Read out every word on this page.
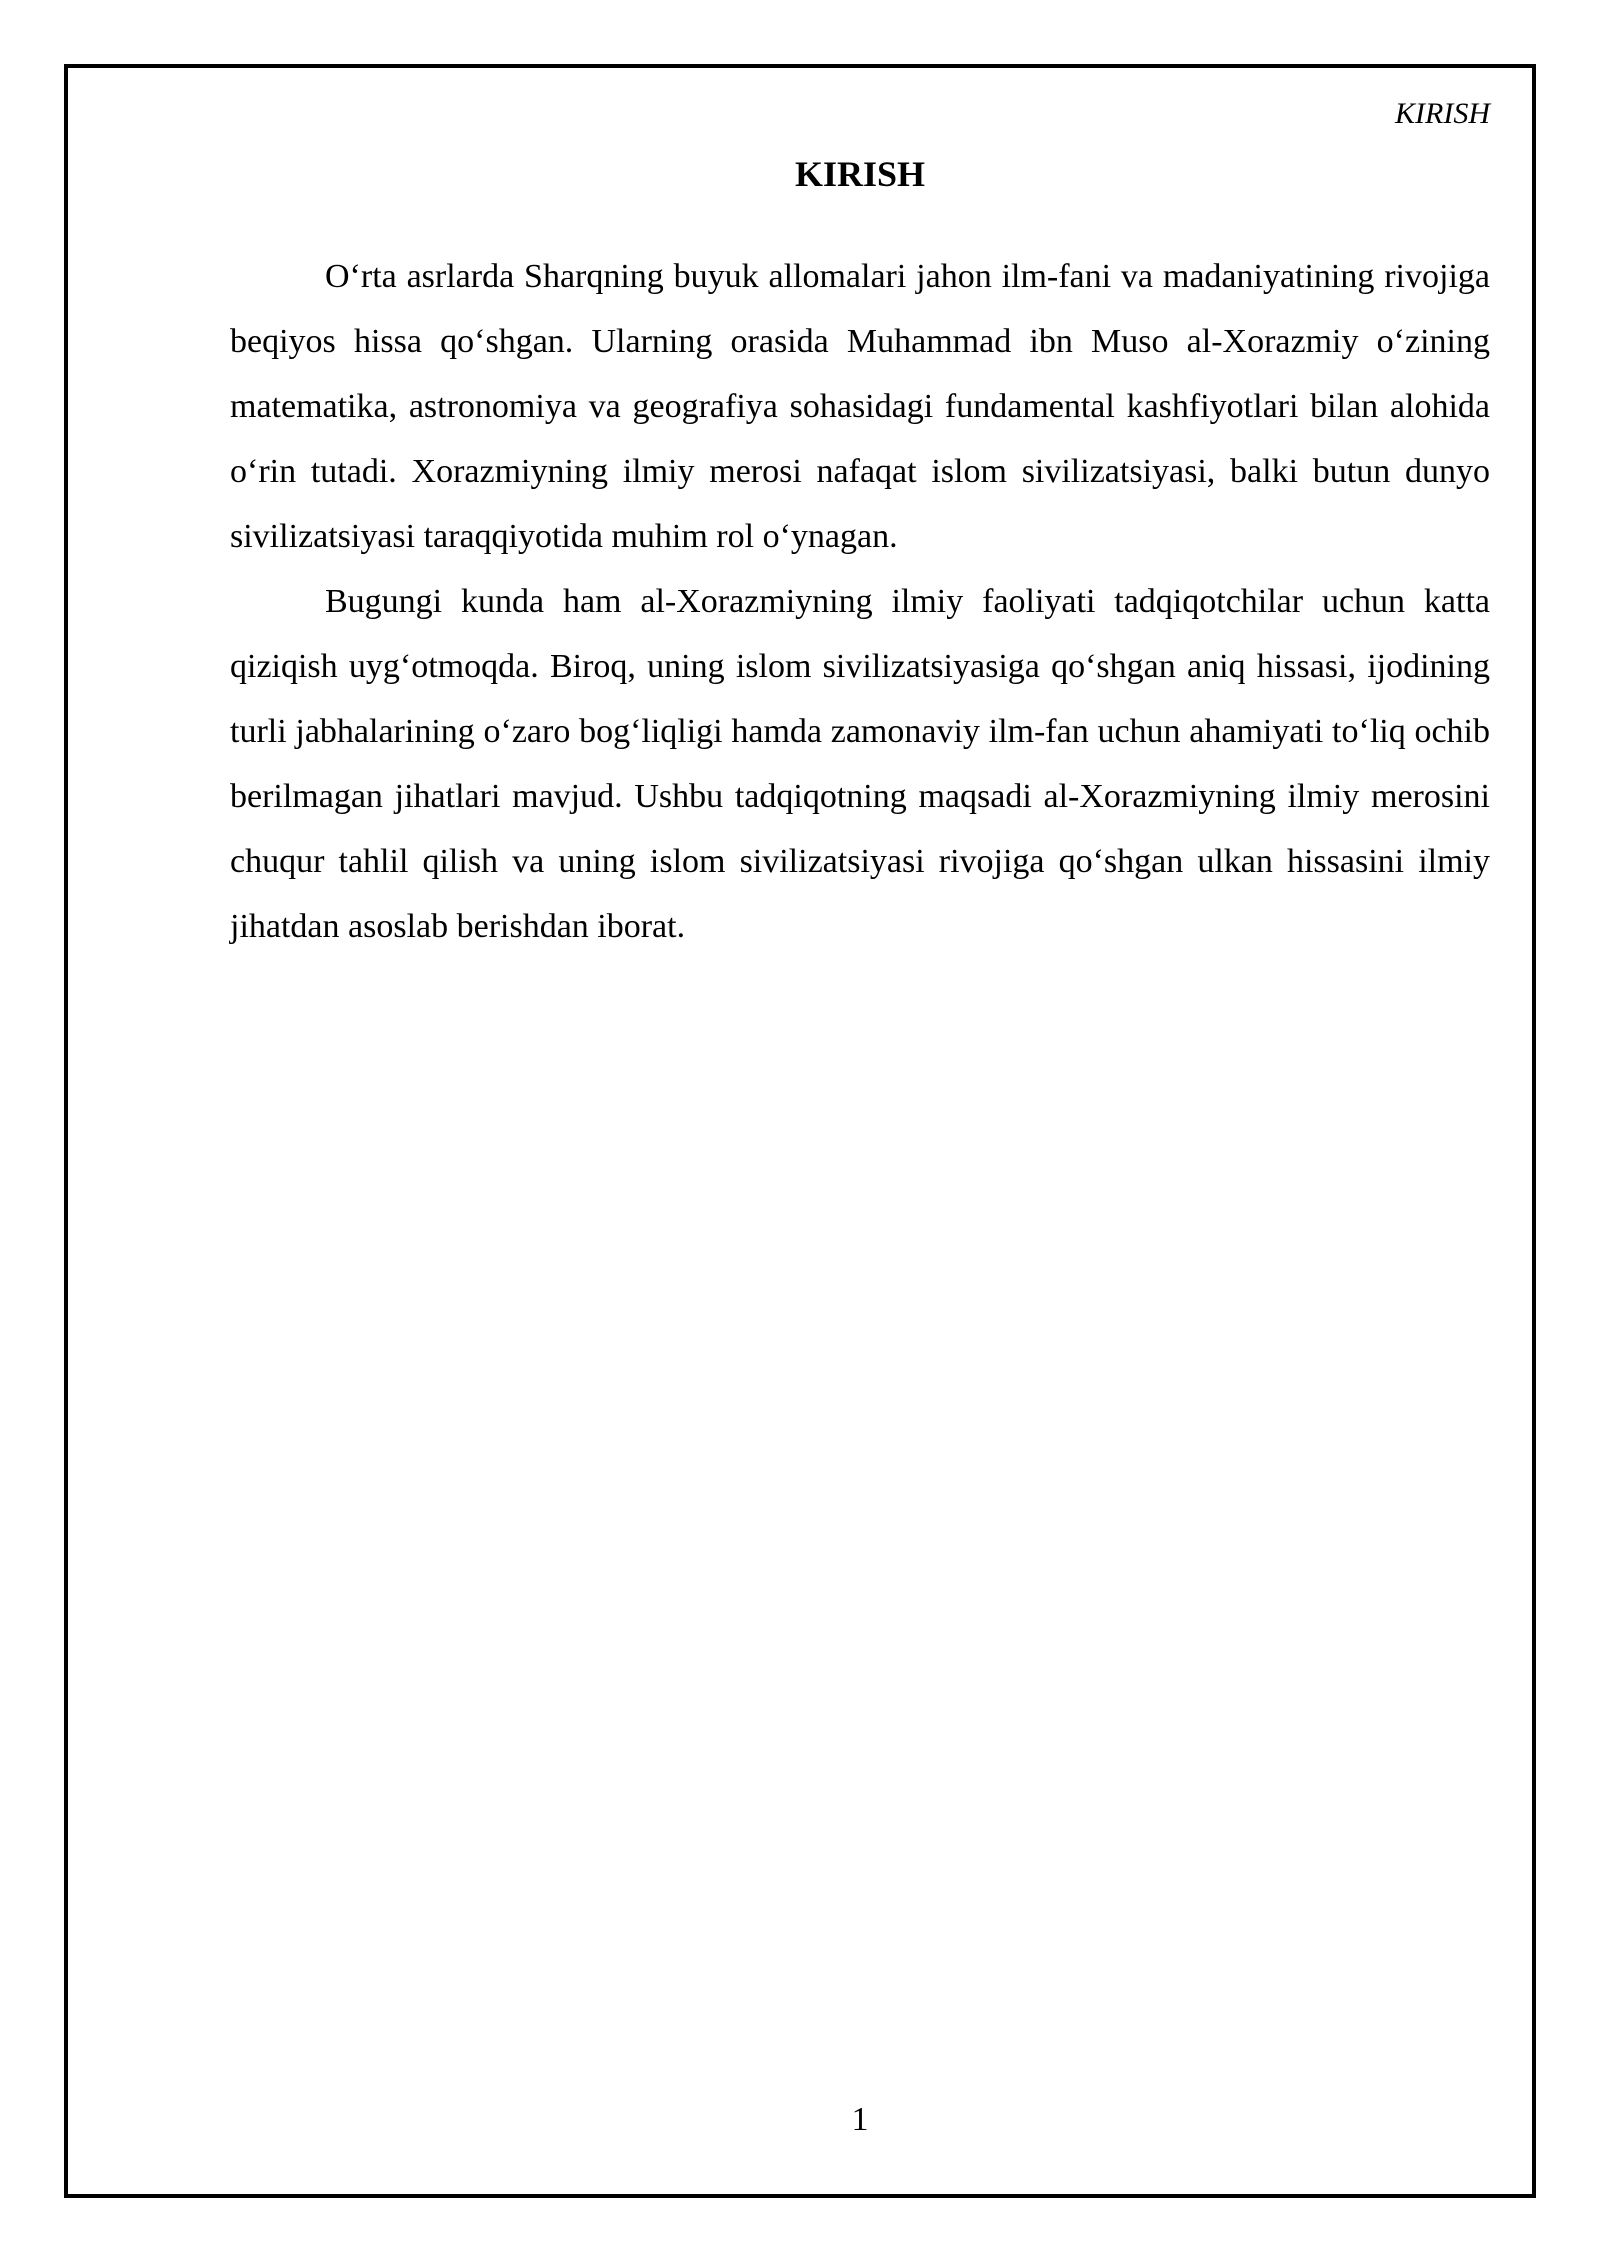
KIRISH
KIRISH

O‘rta asrlarda Sharqning buyuk allomalari jahon ilm-fani va madaniyatining rivojiga beqiyos hissa qo‘shgan. Ularning orasida Muhammad ibn Muso al-Xorazmiy o‘zining matematika, astronomiya va geografiya sohasidagi fundamental kashfiyotlari bilan alohida o‘rin tutadi. Xorazmiyning ilmiy merosi nafaqat islom sivilizatsiyasi, balki butun dunyo sivilizatsiyasi taraqqiyotida muhim rol o‘ynagan.

Bugungi kunda ham al-Xorazmiyning ilmiy faoliyati tadqiqotchilar uchun katta qiziqish uyg‘otmoqda. Biroq, uning islom sivilizatsiyasiga qo‘shgan aniq hissasi, ijodining turli jabhalarining o‘zaro bog‘liqligi hamda zamonaviy ilm-fan uchun ahamiyati to‘liq ochib berilmagan jihatlari mavjud. Ushbu tadqiqotning maqsadi al-Xorazmiyning ilmiy merosini chuqur tahlil qilish va uning islom sivilizatsiyasi rivojiga qo‘shgan ulkan hissasini ilmiy jihatdan asoslab berishdan iborat.

1
